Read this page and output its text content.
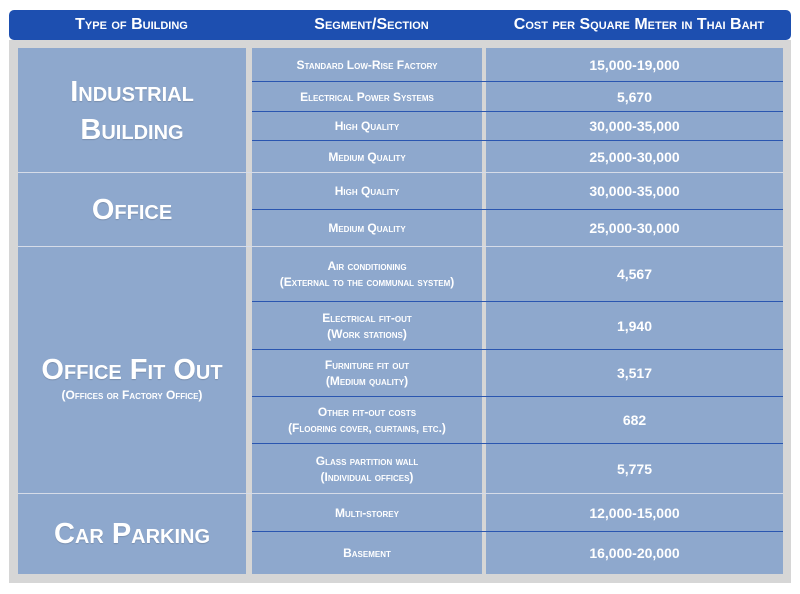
Type of Building	Segment/Section	Cost per Square Meter in Thai Baht
Industrial
Building
Office
Office Fit Out
(Offices or Factory Office)
Car Parking
Standard Low-Rise Factory
Electrical Power Systems
High Quality
Medium Quality
High Quality
Medium Quality
Air conditioning
(External to the communal system)
Electrical fit-out
(Work stations)
Furniture fit out
(Medium quality)
Other fit-out costs
(Flooring cover, curtains, etc.)
Glass partition wall
(Individual offices)
Multi-storey
Basement
15,000-19,000
5,670
30,000-35,000
25,000-30,000
30,000-35,000
25,000-30,000
4,567
1,940
3,517
682
5,775
12,000-15,000
16,000-20,000
